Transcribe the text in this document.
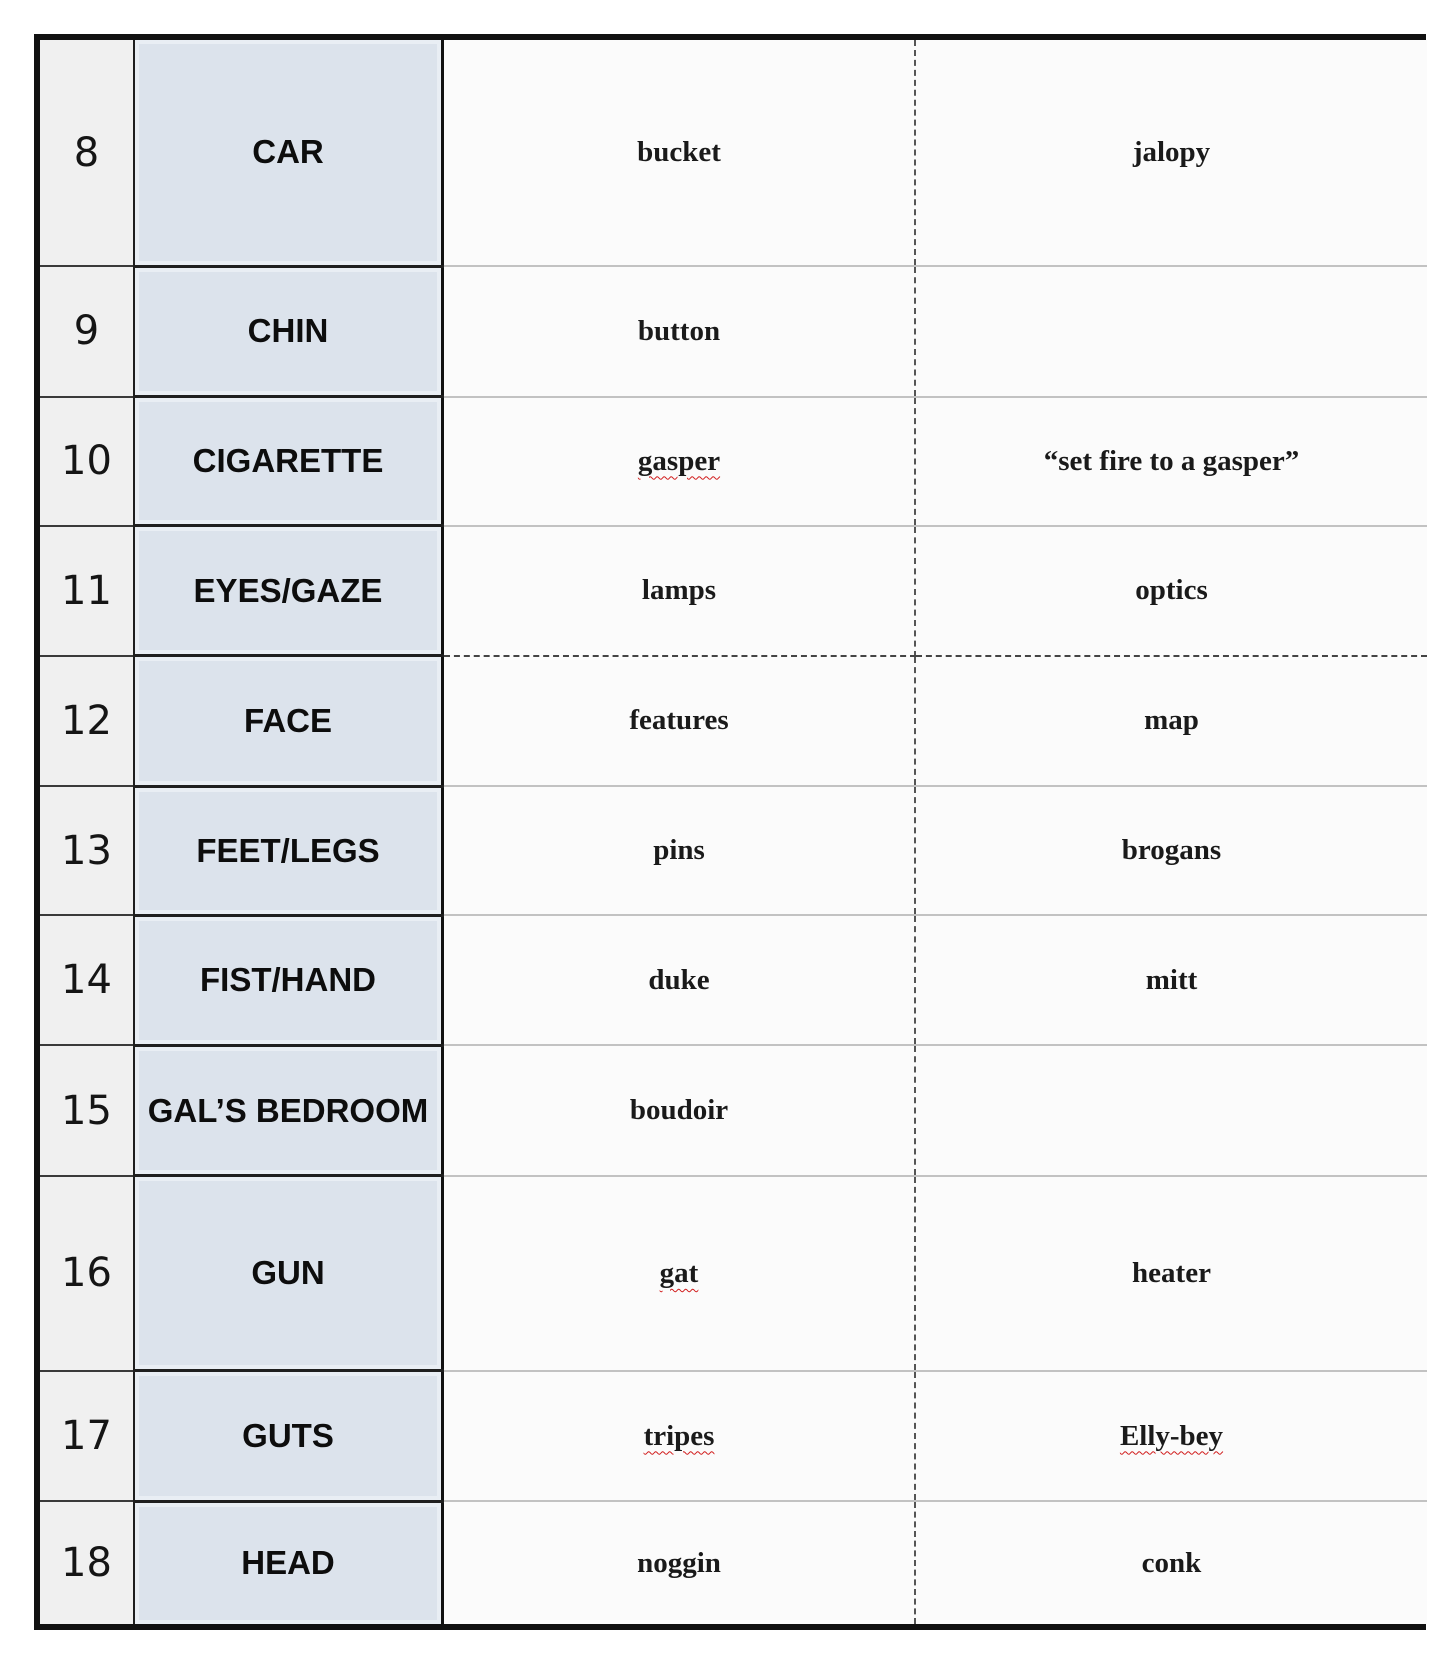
8	CAR	bucket	jalopy
9	CHIN	button	
10	CIGARETTE	gasper	“set fire to a gasper”
11	EYES/GAZE	lamps	optics
12	FACE	features	map
13	FEET/LEGS	pins	brogans
14	FIST/HAND	duke	mitt
15	GAL’S BEDROOM	boudoir	
16	GUN	gat	heater
17	GUTS	tripes	Elly-bey
18	HEAD	noggin	conk
